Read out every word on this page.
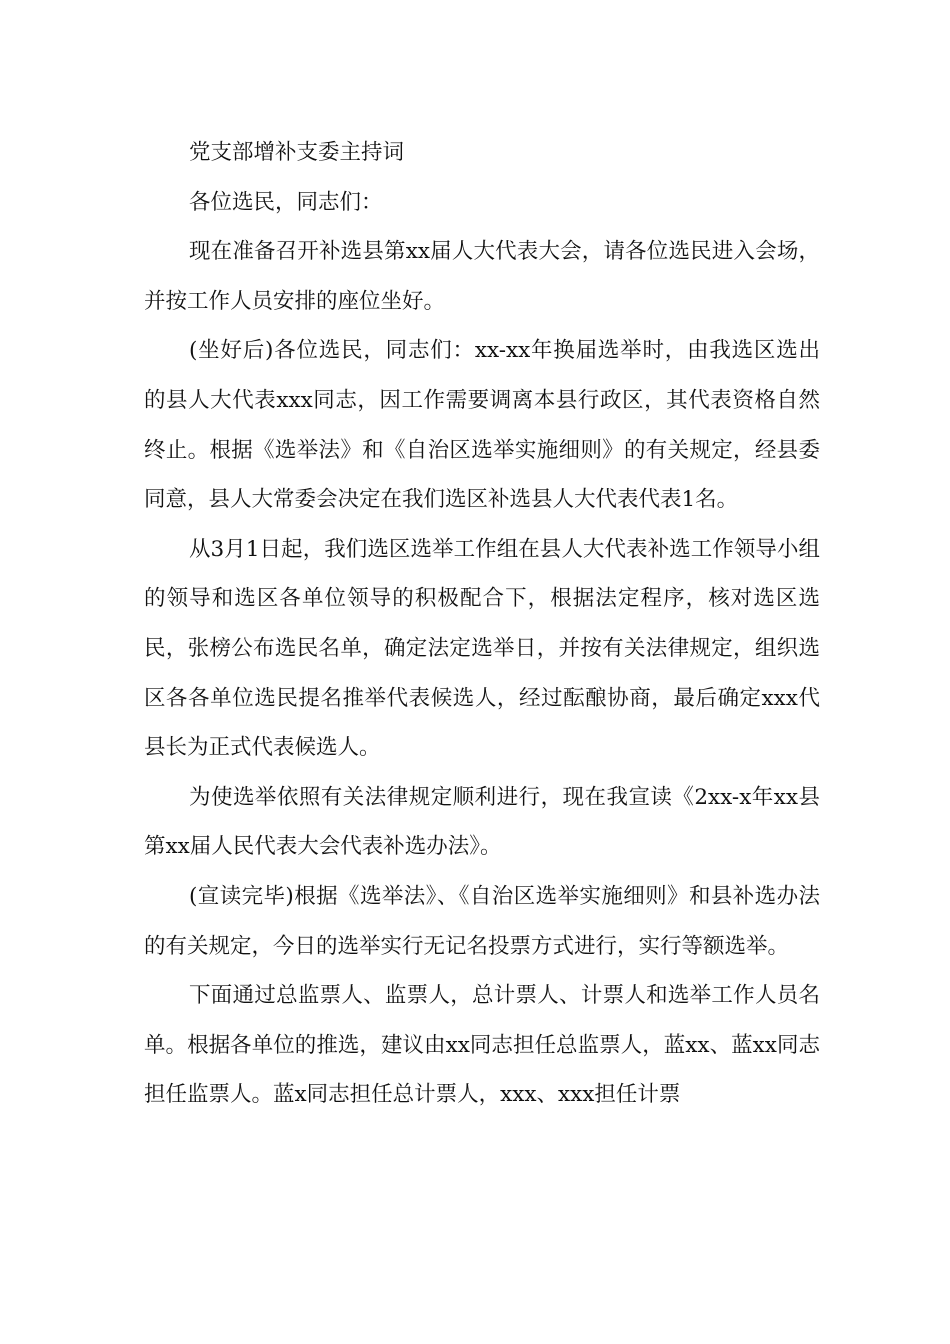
党支部增补支委主持词

各位选民，同志们：

现在准备召开补选县第xx届人大代表大会，请各位选民进入会场，并按工作人员安排的座位坐好。

(坐好后)各位选民，同志们：xx-xx年换届选举时，由我选区选出的县人大代表xxx同志，因工作需要调离本县行政区，其代表资格自然终止。根据《选举法》和《自治区选举实施细则》的有关规定，经县委同意，县人大常委会决定在我们选区补选县人大代表代表1名。

从3月1日起，我们选区选举工作组在县人大代表补选工作领导小组的领导和选区各单位领导的积极配合下，根据法定程序，核对选区选民，张榜公布选民名单，确定法定选举日，并按有关法律规定，组织选区各各单位选民提名推举代表候选人，经过酝酿协商，最后确定xxx代县长为正式代表候选人。

为使选举依照有关法律规定顺利进行，现在我宣读《2xx-x年xx县第xx届人民代表大会代表补选办法》。

(宣读完毕)根据《选举法》、《自治区选举实施细则》和县补选办法的有关规定，今日的选举实行无记名投票方式进行，实行等额选举。

下面通过总监票人、监票人，总计票人、计票人和选举工作人员名单。根据各单位的推选，建议由xx同志担任总监票人，蓝xx、蓝xx同志担任监票人。蓝x同志担任总计票人，xxx、xxx担任计票
